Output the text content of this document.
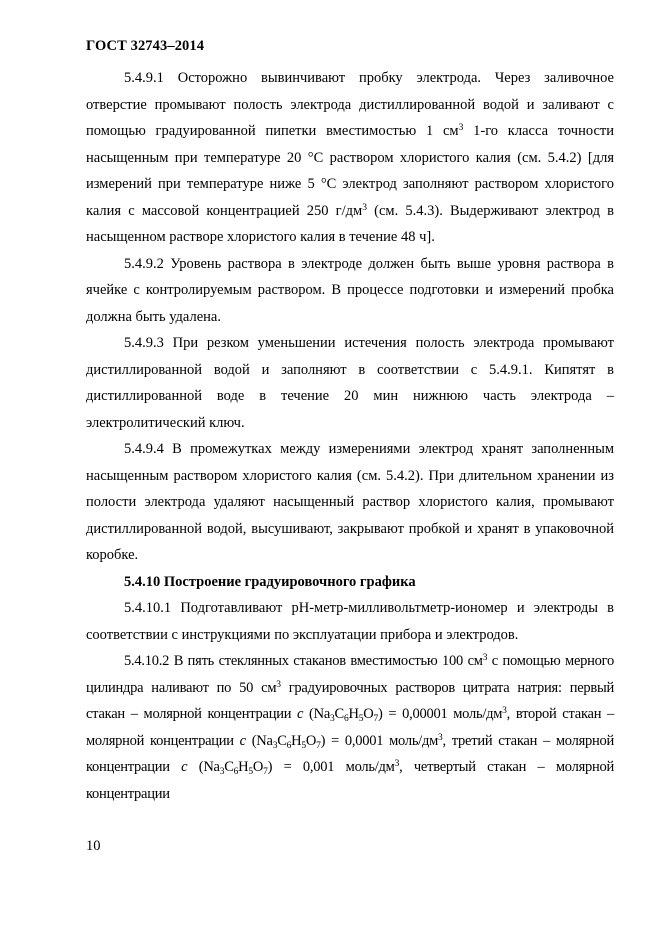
ГОСТ 32743–2014

5.4.9.1 Осторожно вывинчивают пробку электрода. Через заливочное отверстие промывают полость электрода дистиллированной водой и заливают с помощью градуированной пипетки вместимостью 1 $см^3$ 1-го класса точности насыщенным при температуре 20 °С раствором хлористого калия (см. 5.4.2) [для измерений при температуре ниже 5 °С электрод заполняют раствором хлористого калия с массовой концентрацией 250 $г/дм^3$ (см. 5.4.3). Выдерживают электрод в насыщенном растворе хлористого калия в течение 48 ч].

5.4.9.2 Уровень раствора в электроде должен быть выше уровня раствора в ячейке с контролируемым раствором. В процессе подготовки и измерений пробка должна быть удалена.

5.4.9.3 При резком уменьшении истечения полость электрода промывают дистиллированной водой и заполняют в соответствии с 5.4.9.1. Кипятят в дистиллированной воде в течение 20 мин нижнюю часть электрода – электролитический ключ.

5.4.9.4 В промежутках между измерениями электрод хранят заполненным насыщенным раствором хлористого калия (см. 5.4.2). При длительном хранении из полости электрода удаляют насыщенный раствор хлористого калия, промывают дистиллированной водой, высушивают, закрывают пробкой и хранят в упаковочной коробке.

5.4.10 Построение градуировочного графика

5.4.10.1 Подготавливают рН-метр-милливольтметр-иономер и электроды в соответствии с инструкциями по эксплуатации прибора и электродов.

5.4.10.2 В пять стеклянных стаканов вместимостью 100 $см^3$ с помощью мерного цилиндра наливают по 50 $см^3$ градуировочных растворов цитрата натрия: первый стакан – молярной концентрации c $(Na_3C_6H_5O_7) = 0,00001$ моль/$дм^3$, второй стакан – молярной концентрации c $(Na_3C_6H_5O_7) = 0,0001$ моль/$дм^3$, третий стакан – молярной концентрации c $(Na_3C_6H_5O_7) = 0,001$ моль/$дм^3$, четвертый стакан – молярной концентрации

10
